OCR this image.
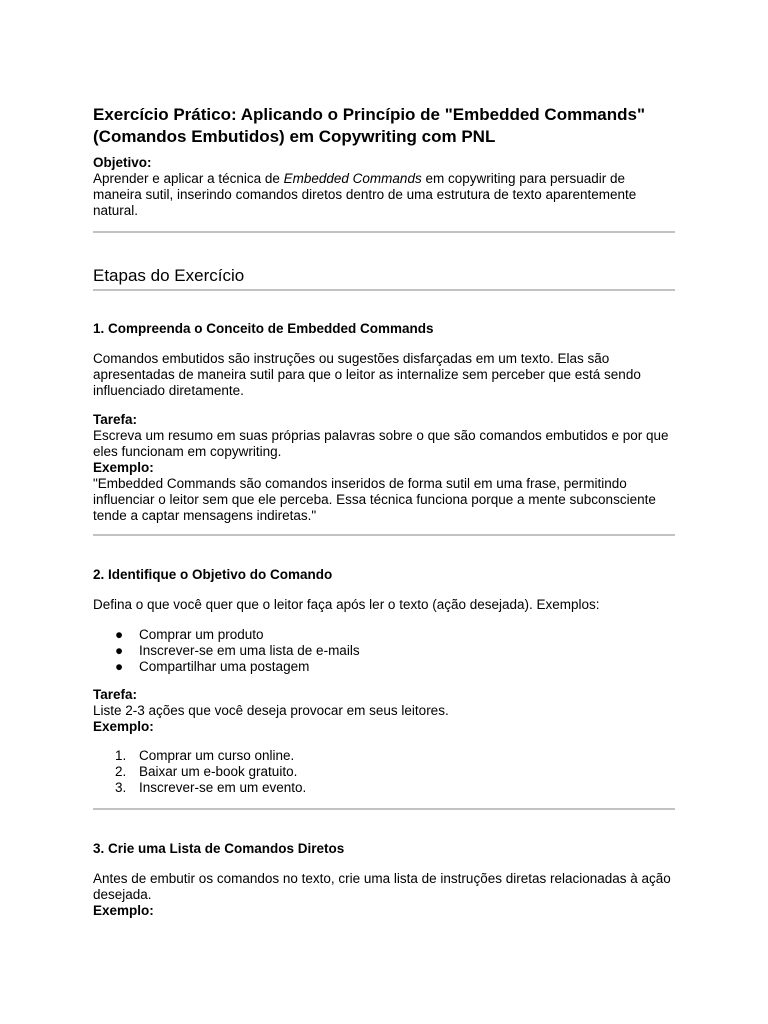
Exercício Prático: Aplicando o Princípio de "Embedded Commands"
(Comandos Embutidos) em Copywriting com PNL
Objetivo:
Aprender e aplicar a técnica de Embedded Commands em copywriting para persuadir de maneira sutil, inserindo comandos diretos dentro de uma estrutura de texto aparentemente natural.
Etapas do Exercício
1. Compreenda o Conceito de Embedded Commands
Comandos embutidos são instruções ou sugestões disfarçadas em um texto. Elas são apresentadas de maneira sutil para que o leitor as internalize sem perceber que está sendo influenciado diretamente.
Tarefa:
Escreva um resumo em suas próprias palavras sobre o que são comandos embutidos e por que eles funcionam em copywriting.
Exemplo:
"Embedded Commands são comandos inseridos de forma sutil em uma frase, permitindo influenciar o leitor sem que ele perceba. Essa técnica funciona porque a mente subconsciente tende a captar mensagens indiretas."
2. Identifique o Objetivo do Comando
Defina o que você quer que o leitor faça após ler o texto (ação desejada). Exemplos:
● Comprar um produto
● Inscrever-se em uma lista de e-mails
● Compartilhar uma postagem
Tarefa:
Liste 2-3 ações que você deseja provocar em seus leitores.
Exemplo:
1. Comprar um curso online.
2. Baixar um e-book gratuito.
3. Inscrever-se em um evento.
3. Crie uma Lista de Comandos Diretos
Antes de embutir os comandos no texto, crie uma lista de instruções diretas relacionadas à ação desejada.
Exemplo:
